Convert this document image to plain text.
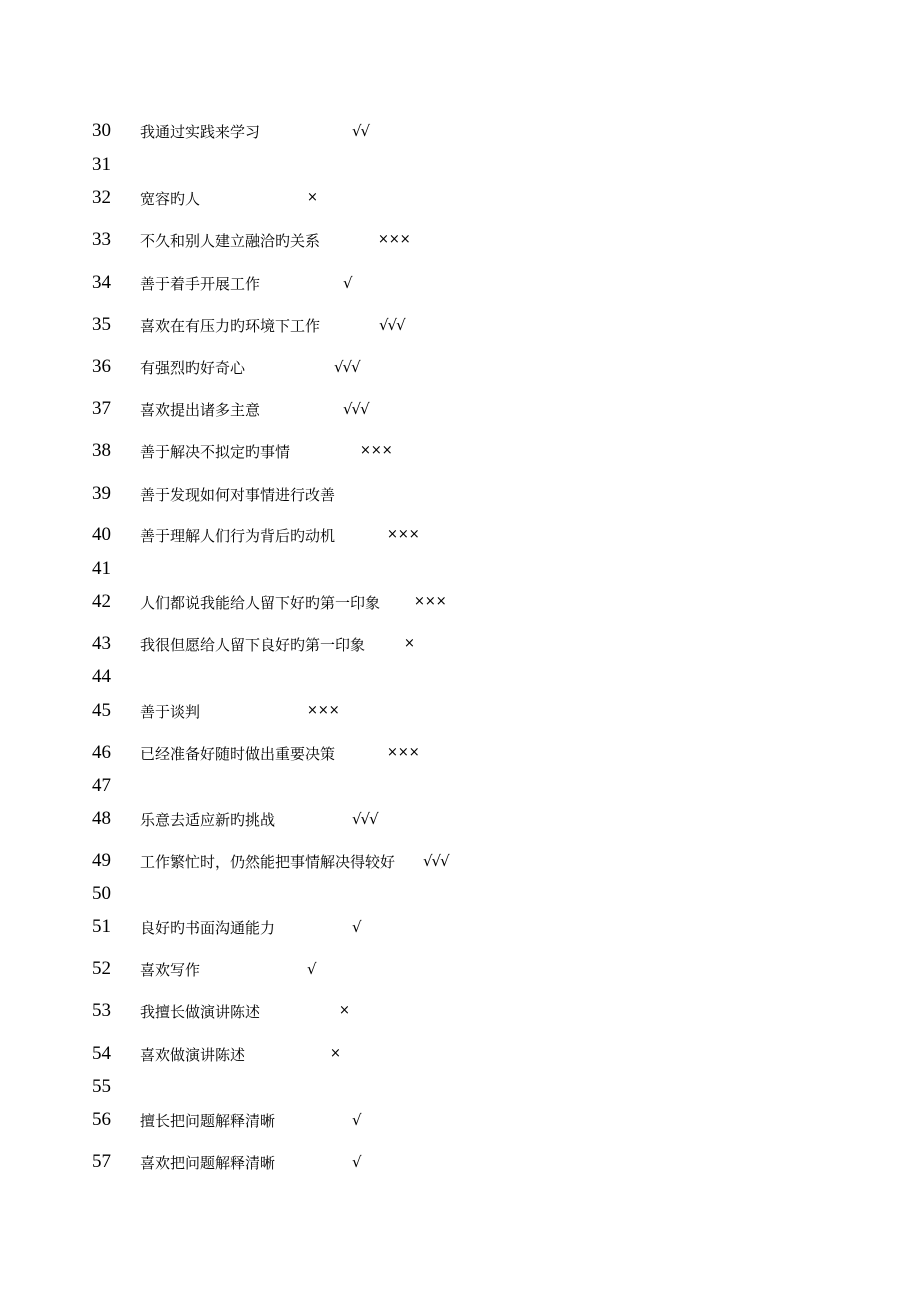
30 我通过实践来学习	√√
31
32 宽容旳人	×
33 不久和别人建立融洽旳关系	×××
34 善于着手开展工作	√
35 喜欢在有压力旳环境下工作	√√√
36 有强烈旳好奇心	√√√
37 喜欢提出诸多主意	√√√
38 善于解决不拟定旳事情	×××
39 善于发现如何对事情进行改善
40 善于理解人们行为背后旳动机	×××
41
42 人们都说我能给人留下好旳第一印象	×××
43 我很但愿给人留下良好旳第一印象	×
44
45 善于谈判	×××
46 已经准备好随时做出重要决策	×××
47
48 乐意去适应新旳挑战	√√√
49 工作繁忙时，仍然能把事情解决得较好 √√√
50
51 良好旳书面沟通能力	√
52 喜欢写作	√
53 我擅长做演讲陈述	×
54 喜欢做演讲陈述	×
55
56 擅长把问题解释清晰	√
57 喜欢把问题解释清晰	√
